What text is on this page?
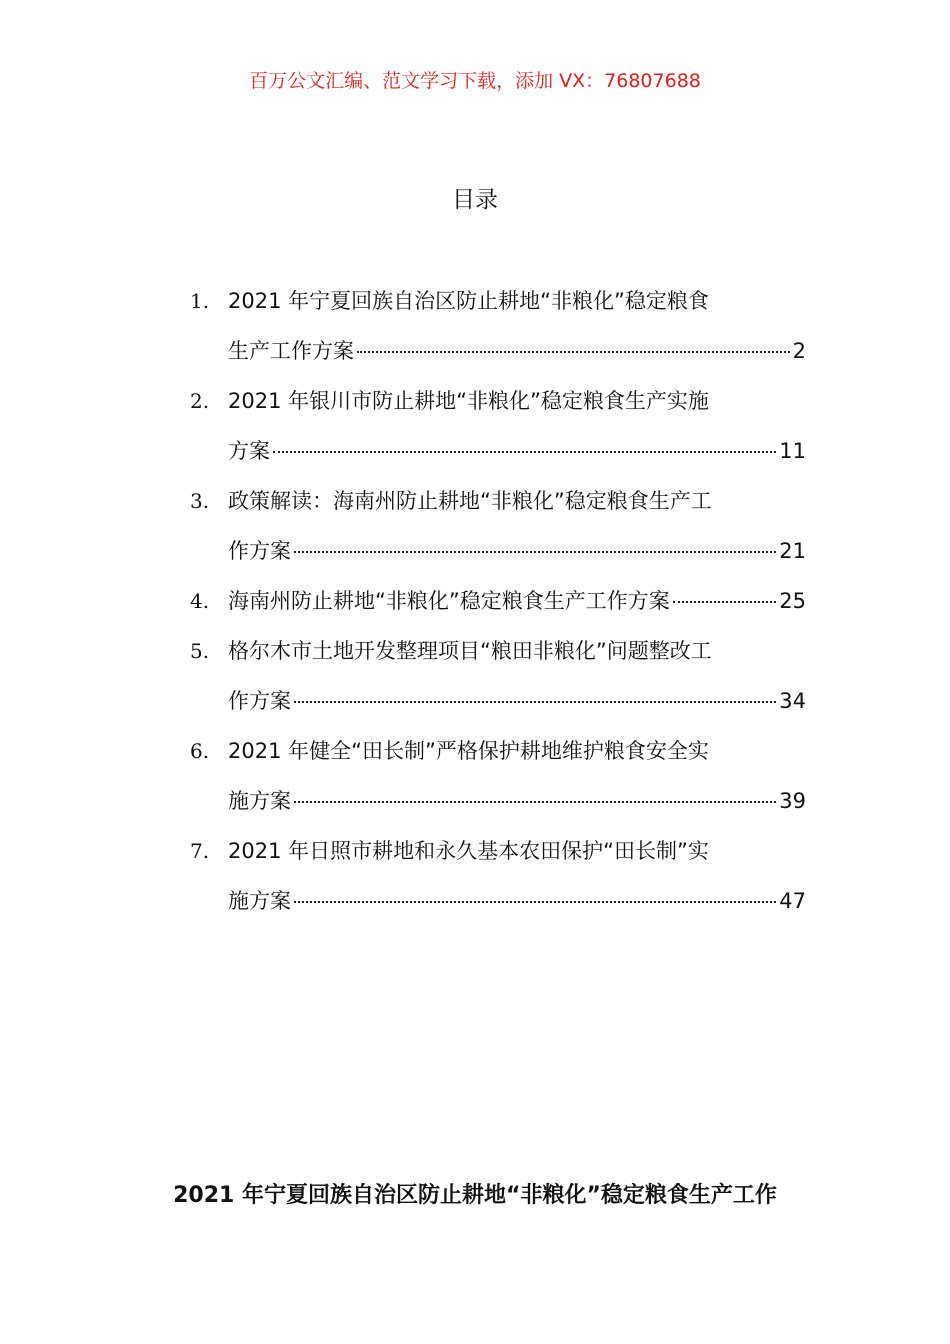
百万公文汇编、范文学习下载，添加 VX：76807688
目录
1. 2021 年宁夏回族自治区防止耕地“非粮化”稳定粮食
生产工作方案	2
2. 2021 年银川市防止耕地“非粮化”稳定粮食生产实施
方案	11
3. 政策解读：海南州防止耕地“非粮化”稳定粮食生产工
作方案	21
4. 海南州防止耕地“非粮化”稳定粮食生产工作方案	25
5. 格尔木市土地开发整理项目“粮田非粮化”问题整改工
作方案	34
6. 2021 年健全“田长制”严格保护耕地维护粮食安全实
施方案	39
7. 2021 年日照市耕地和永久基本农田保护“田长制”实
施方案	47
2021 年宁夏回族自治区防止耕地“非粮化”稳定粮食生产工作
